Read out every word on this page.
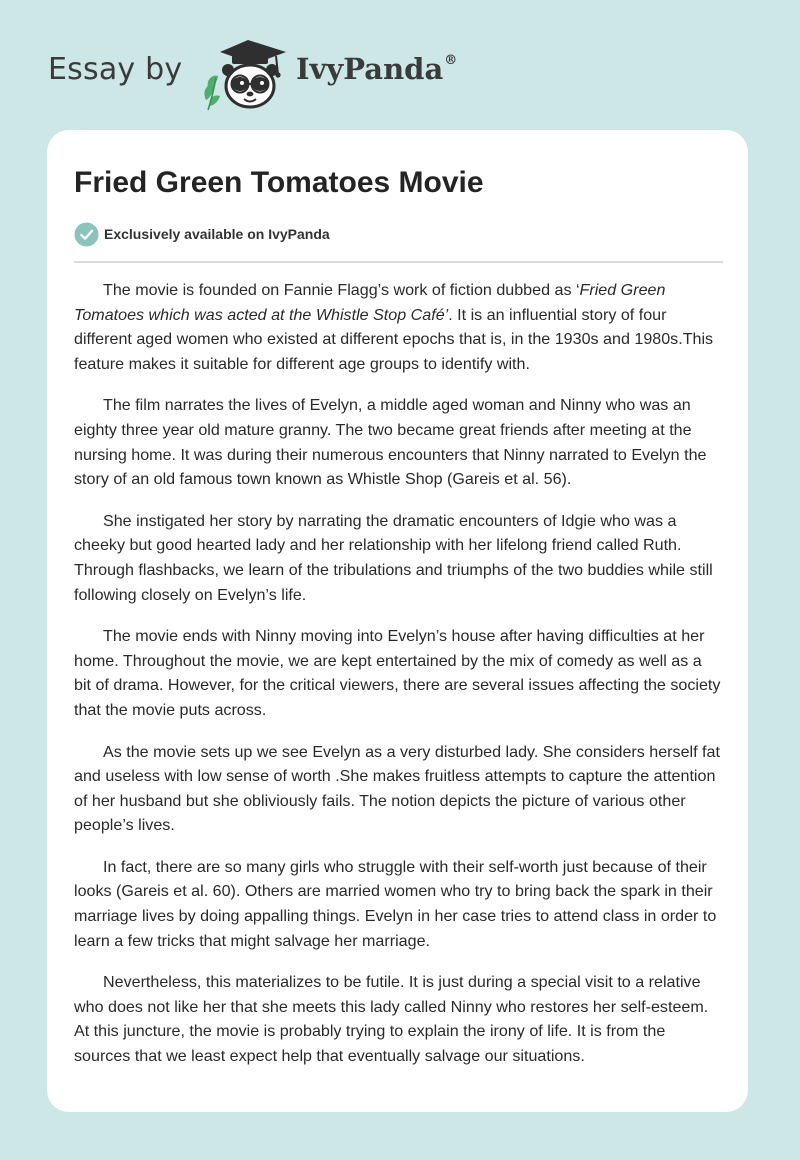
Essay by	IvyPanda®
Fried Green Tomatoes Movie
Exclusively available on IvyPanda

The movie is founded on Fannie Flagg’s work of fiction dubbed as ‘Fried Green Tomatoes which was acted at the Whistle Stop Café’. It is an influential story of four different aged women who existed at different epochs that is, in the 1930s and 1980s.This feature makes it suitable for different age groups to identify with.

The film narrates the lives of Evelyn, a middle aged woman and Ninny who was an eighty three year old mature granny. The two became great friends after meeting at the nursing home. It was during their numerous encounters that Ninny narrated to Evelyn the story of an old famous town known as Whistle Shop (Gareis et al. 56).

She instigated her story by narrating the dramatic encounters of Idgie who was a cheeky but good hearted lady and her relationship with her lifelong friend called Ruth. Through flashbacks, we learn of the tribulations and triumphs of the two buddies while still following closely on Evelyn’s life.

The movie ends with Ninny moving into Evelyn’s house after having difficulties at her home. Throughout the movie, we are kept entertained by the mix of comedy as well as a bit of drama. However, for the critical viewers, there are several issues affecting the society that the movie puts across.

As the movie sets up we see Evelyn as a very disturbed lady. She considers herself fat and useless with low sense of worth .She makes fruitless attempts to capture the attention of her husband but she obliviously fails. The notion depicts the picture of various other people’s lives.

In fact, there are so many girls who struggle with their self-worth just because of their looks (Gareis et al. 60). Others are married women who try to bring back the spark in their marriage lives by doing appalling things. Evelyn in her case tries to attend class in order to learn a few tricks that might salvage her marriage.

Nevertheless, this materializes to be futile. It is just during a special visit to a relative who does not like her that she meets this lady called Ninny who restores her self-esteem. At this juncture, the movie is probably trying to explain the irony of life. It is from the sources that we least expect help that eventually salvage our situations.
